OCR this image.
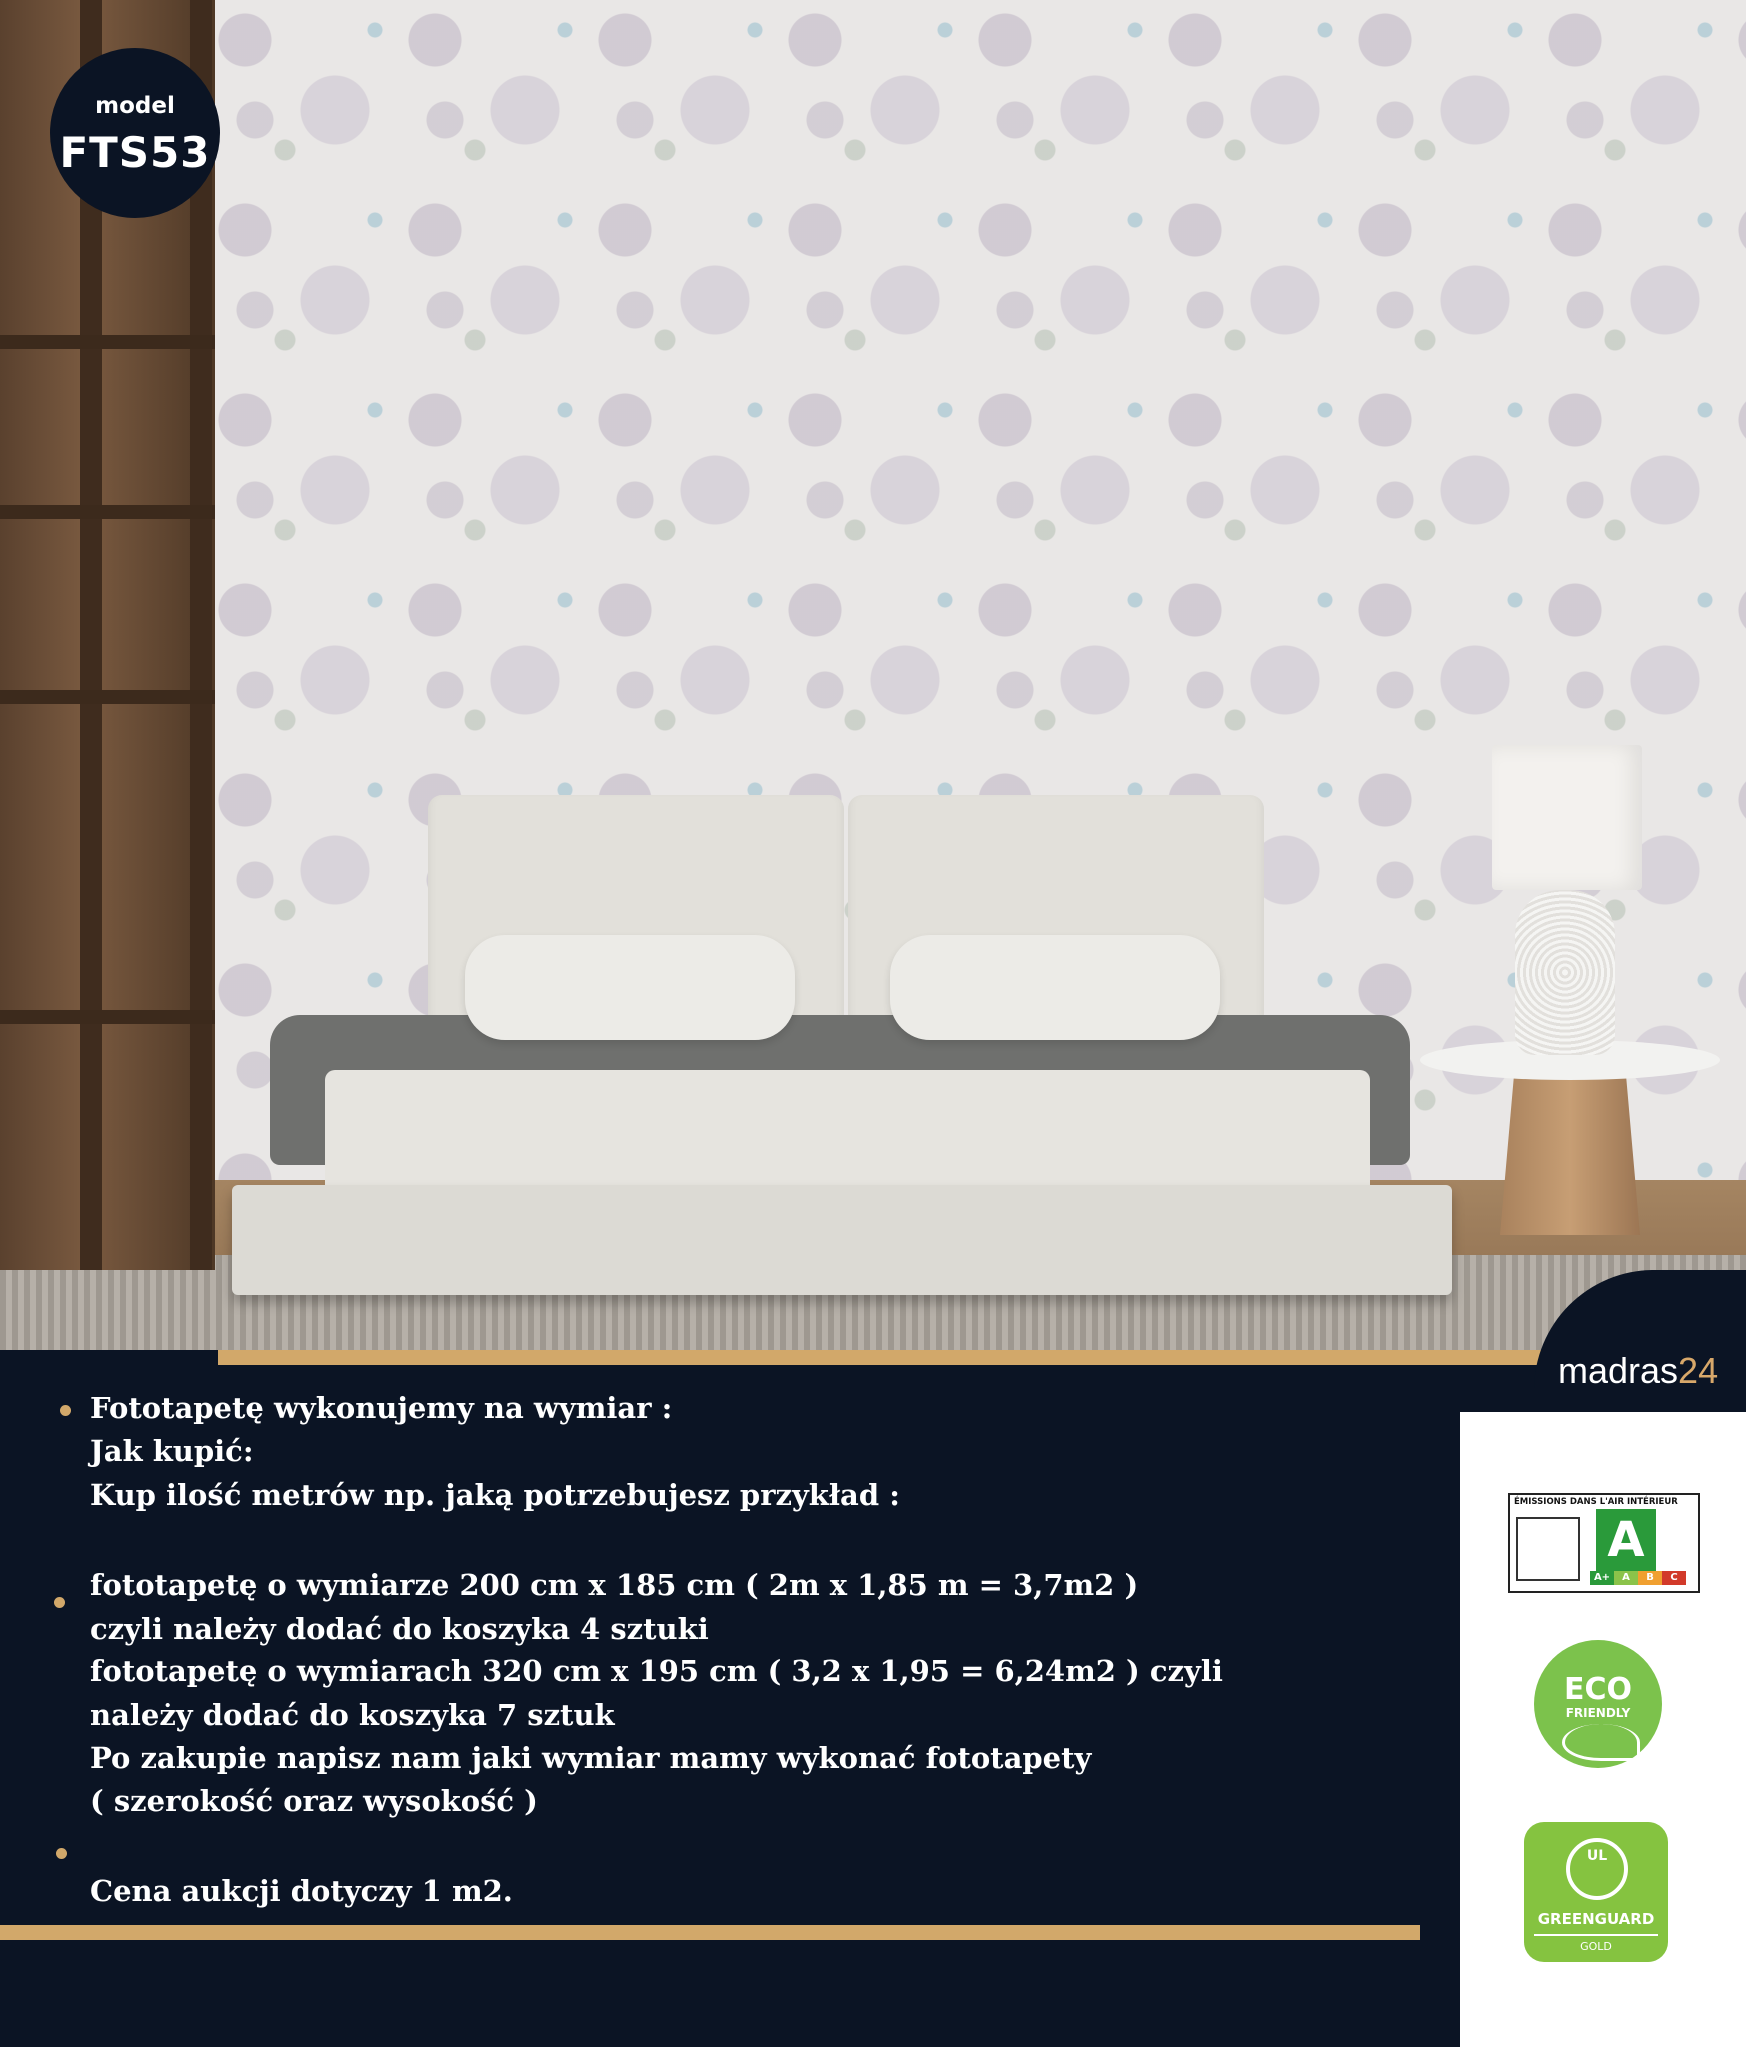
model
FTS53
madras24
ÉMISSIONS DANS L'AIR INTÉRIEUR
A
A+	A	B	C
ECO
FRIENDLY
UL
GREENGUARD
GOLD
Fototapetę wykonujemy na wymiar :
Jak kupić:
Kup ilość metrów np. jaką potrzebujesz przykład :
fototapetę o wymiarze 200 cm x 185 cm ( 2m x 1,85 m = 3,7m2 )
czyli należy dodać do koszyka 4 sztuki
fototapetę o wymiarach 320 cm x 195 cm ( 3,2 x 1,95 = 6,24m2 ) czyli
należy dodać do koszyka 7 sztuk
Po zakupie napisz nam jaki wymiar mamy wykonać fototapety
( szerokość oraz wysokość )
Cena aukcji dotyczy 1 m2.
